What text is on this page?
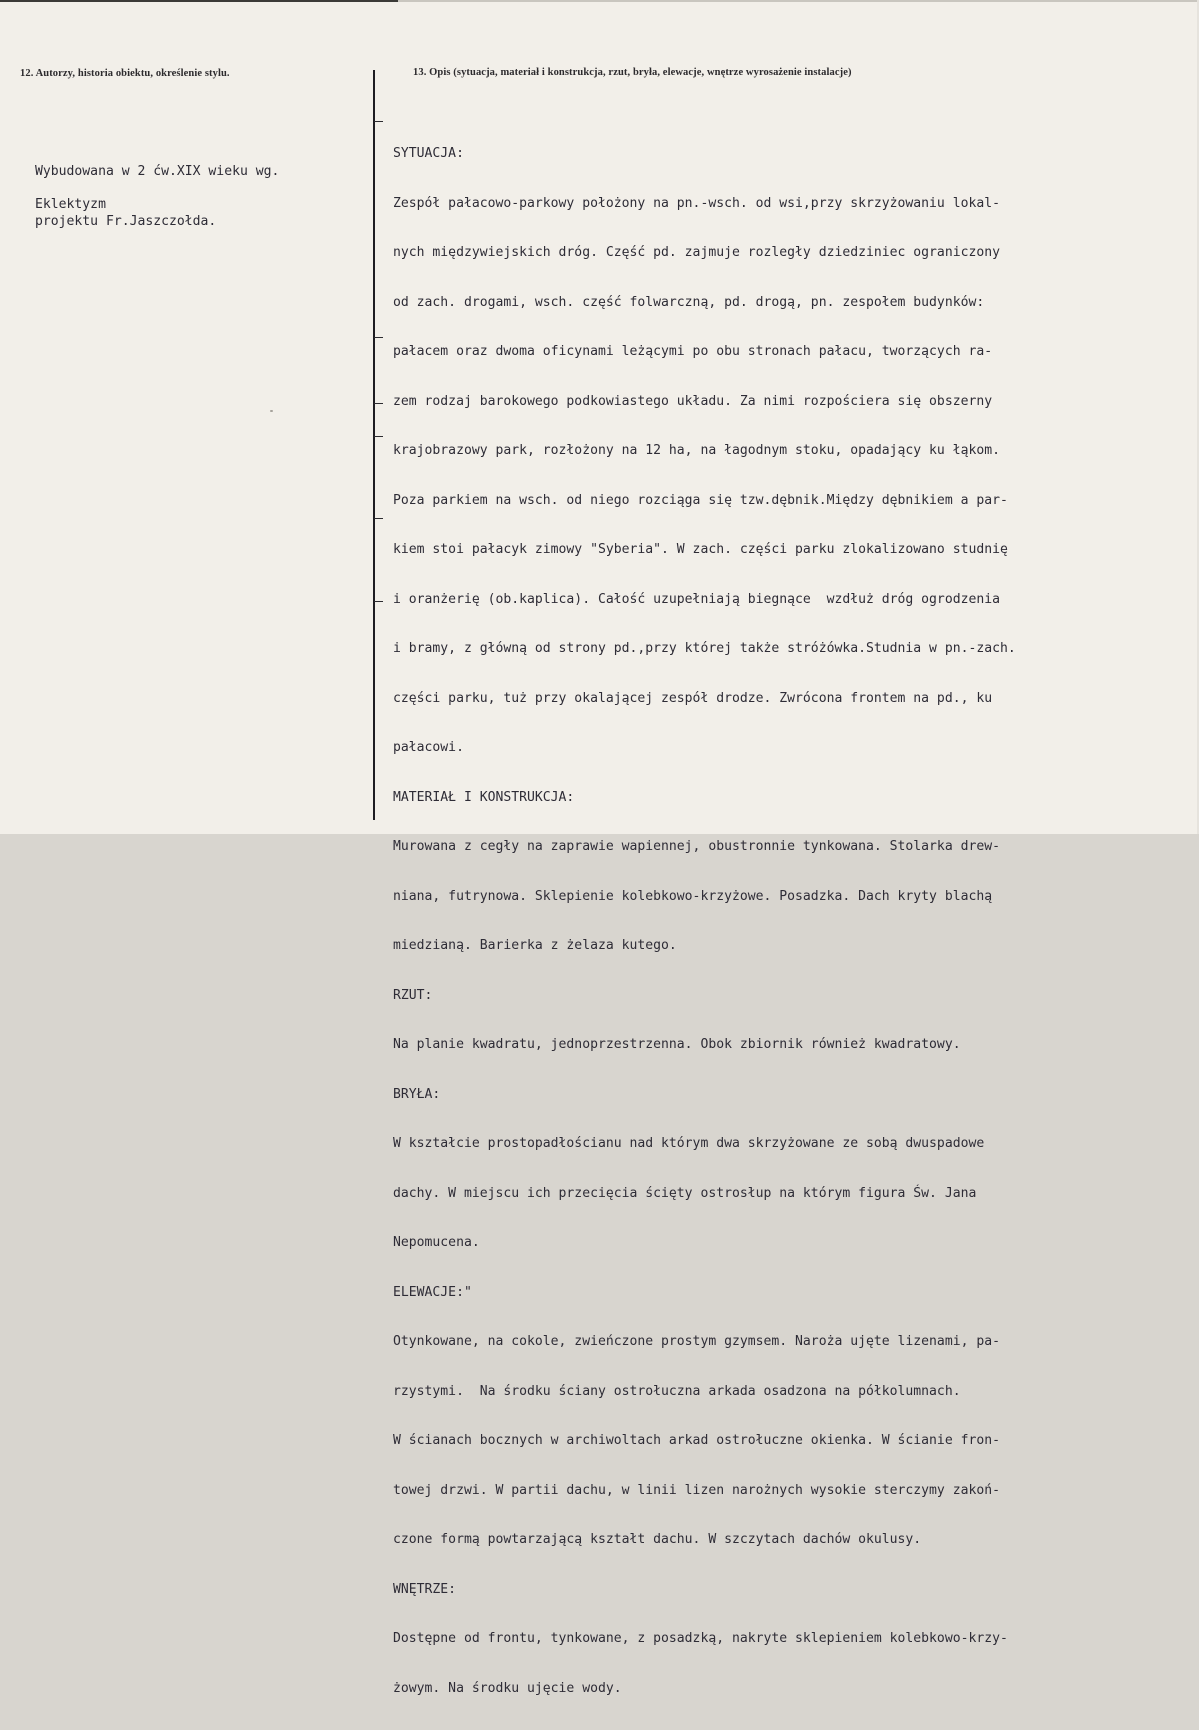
12. Autorzy, historia obiektu, określenie stylu.	13. Opis (sytuacja, materiał i konstrukcja, rzut, bryła, elewacje, wnętrze wyrosażenie instalacje)

Wybudowana w 2 ćw.XIX wieku wg.

projektu Fr.Jaszczołda.

Eklektyzm

SYTUACJA:

Zespół pałacowo-parkowy położony na pn.-wsch. od wsi,przy skrzyżowaniu lokal-

nych międzywiejskich dróg. Część pd. zajmuje rozległy dziedziniec ograniczony

od zach. drogami, wsch. część folwarczną, pd. drogą, pn. zespołem budynków:

pałacem oraz dwoma oficynami leżącymi po obu stronach pałacu, tworzących ra-

zem rodzaj barokowego podkowiastego układu. Za nimi rozpościera się obszerny

krajobrazowy park, rozłożony na 12 ha, na łagodnym stoku, opadający ku łąkom.

Poza parkiem na wsch. od niego rozciąga się tzw.dębnik.Między dębnikiem a par-

kiem stoi pałacyk zimowy "Syberia". W zach. części parku zlokalizowano studnię

i oranżerię (ob.kaplica). Całość uzupełniają biegnące  wzdłuż dróg ogrodzenia

i bramy, z główną od strony pd.,przy której także stróżówka.Studnia w pn.-zach.

części parku, tuż przy okalającej zespół drodze. Zwrócona frontem na pd., ku

pałacowi.

MATERIAŁ I KONSTRUKCJA:

Murowana z cegły na zaprawie wapiennej, obustronnie tynkowana. Stolarka drew-

niana, futrynowa. Sklepienie kolebkowo-krzyżowe. Posadzka. Dach kryty blachą

miedzianą. Barierka z żelaza kutego.

RZUT:

Na planie kwadratu, jednoprzestrzenna. Obok zbiornik również kwadratowy.

BRYŁA:

W kształcie prostopadłościanu nad którym dwa skrzyżowane ze sobą dwuspadowe

dachy. W miejscu ich przecięcia ścięty ostrosłup na którym figura Św. Jana

Nepomucena.

ELEWACJE:"

Otynkowane, na cokole, zwieńczone prostym gzymsem. Naroża ujęte lizenami, pa-

rzystymi.  Na środku ściany ostrołuczna arkada osadzona na półkolumnach.

W ścianach bocznych w archiwoltach arkad ostrołuczne okienka. W ścianie fron-

towej drzwi. W partii dachu, w linii lizen narożnych wysokie sterczymy zakoń-

czone formą powtarzającą kształt dachu. W szczytach dachów okulusy.

WNĘTRZE:

Dostępne od frontu, tynkowane, z posadzką, nakryte sklepieniem kolebkowo-krzy-

żowym. Na środku ujęcie wody.
